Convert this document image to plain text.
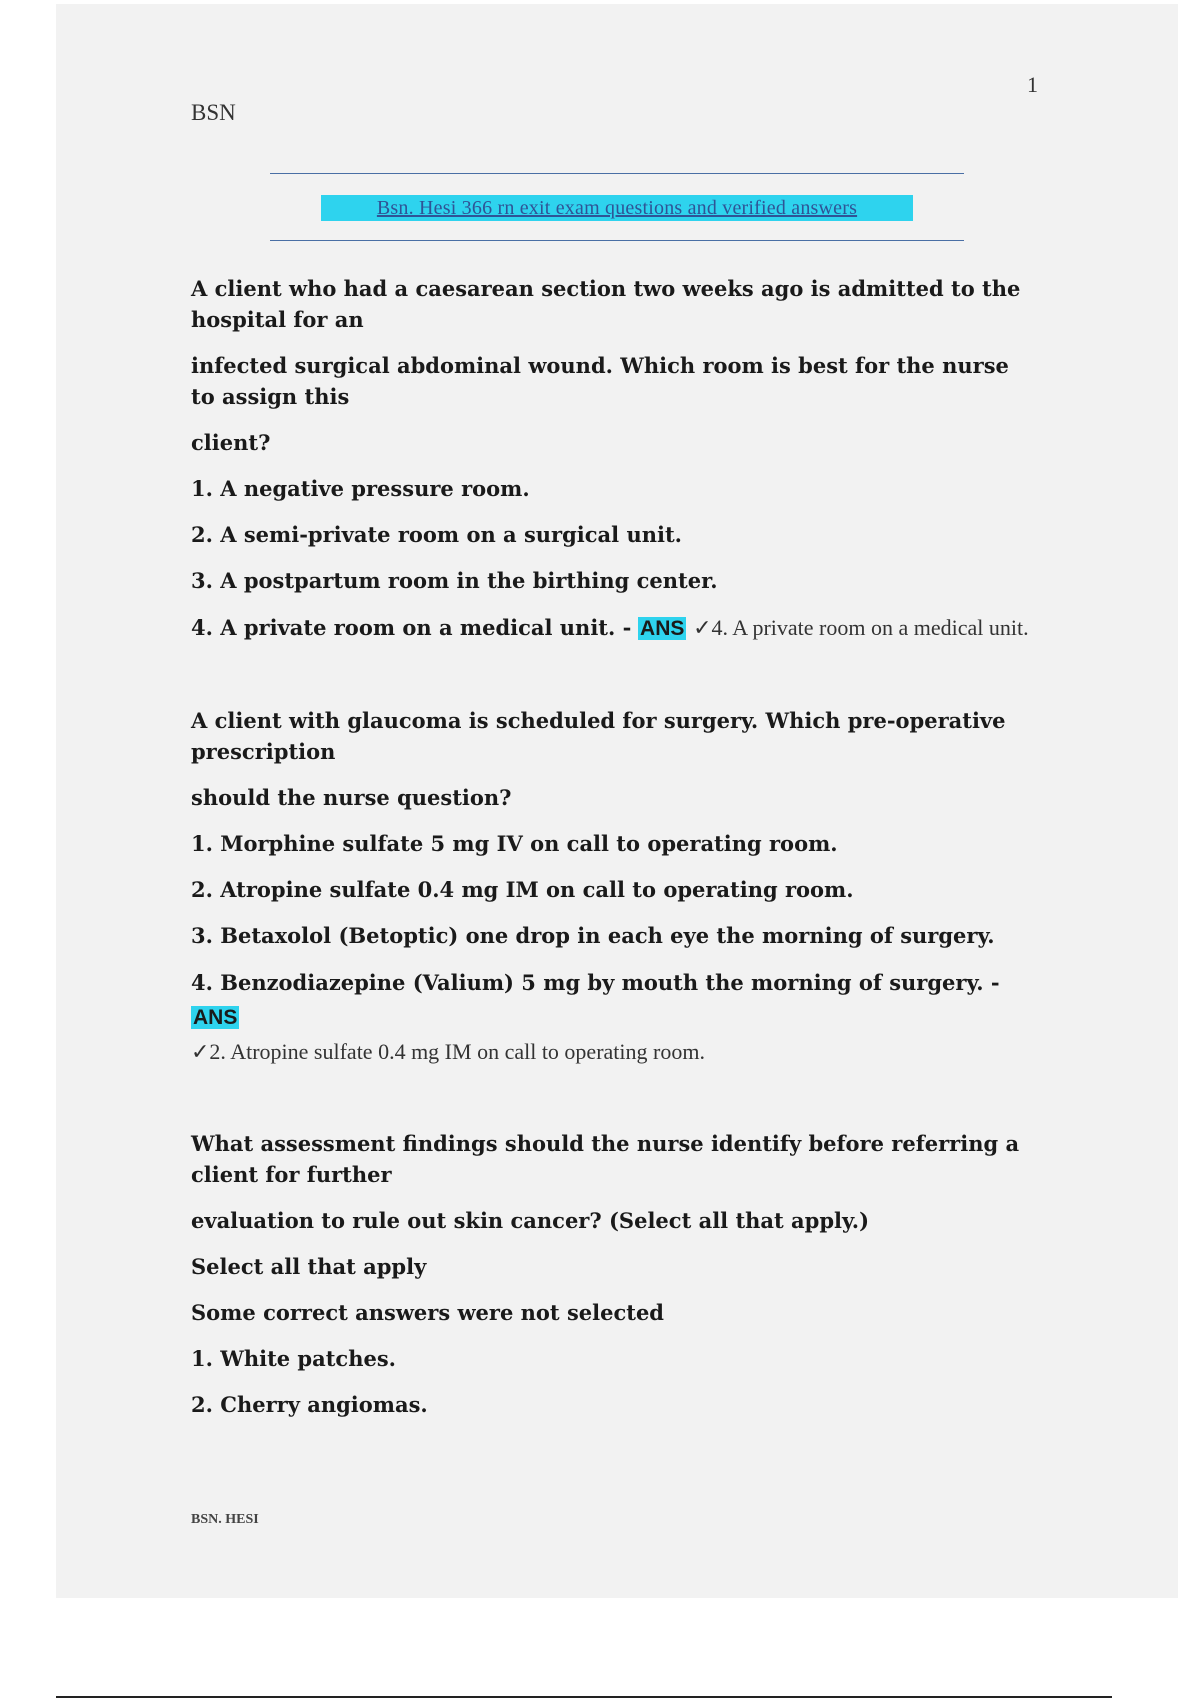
1
BSN
Bsn. Hesi 366 rn exit exam questions and verified answers
A client who had a caesarean section two weeks ago is admitted to the hospital for an
infected surgical abdominal wound. Which room is best for the nurse to assign this
client?
1. A negative pressure room.
2. A semi-private room on a surgical unit.
3. A postpartum room in the birthing center.
4. A private room on a medical unit. - ANS ✓4. A private room on a medical unit.
A client with glaucoma is scheduled for surgery. Which pre-operative prescription
should the nurse question?
1. Morphine sulfate 5 mg IV on call to operating room.
2. Atropine sulfate 0.4 mg IM on call to operating room.
3. Betaxolol (Betoptic) one drop in each eye the morning of surgery.
4. Benzodiazepine (Valium) 5 mg by mouth the morning of surgery. - ANS
✓2. Atropine sulfate 0.4 mg IM on call to operating room.
What assessment findings should the nurse identify before referring a client for further
evaluation to rule out skin cancer? (Select all that apply.)
Select all that apply
Some correct answers were not selected
1. White patches.
2. Cherry angiomas.
BSN. HESI
